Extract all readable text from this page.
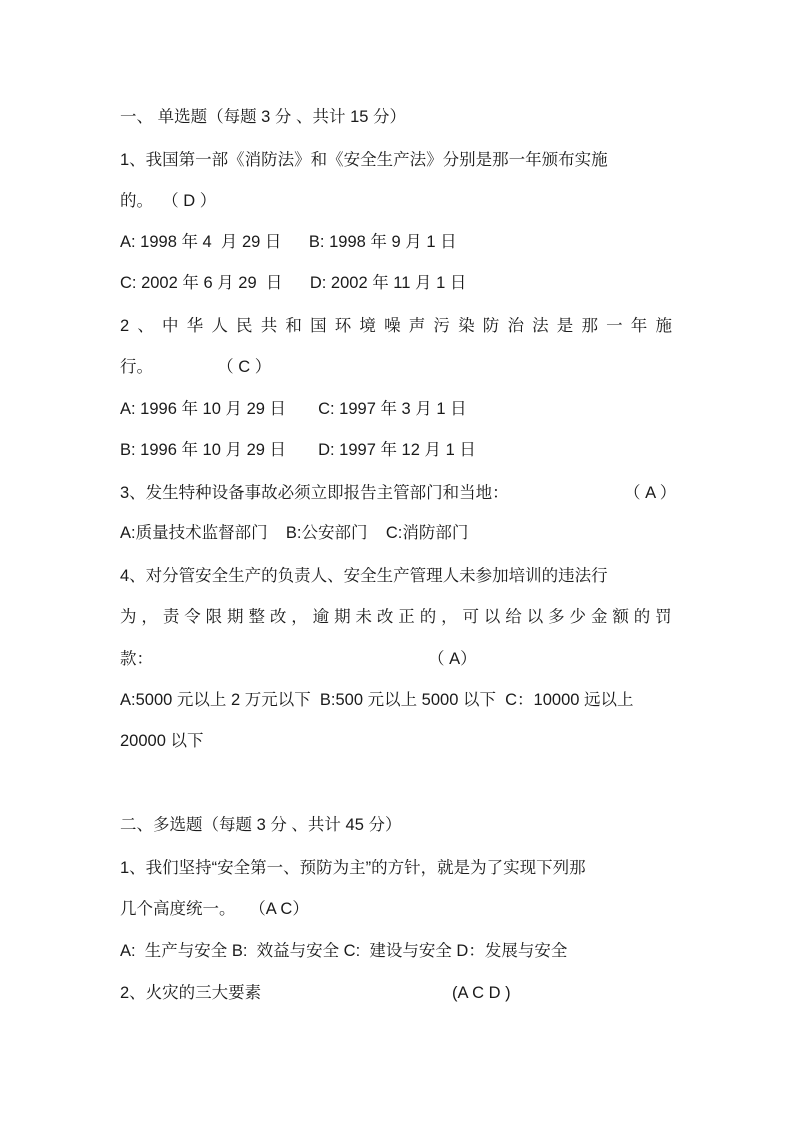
一、 单选题（每题 3 分 、共计 15 分）
1、我国第一部《消防法》和《安全生产法》分别是那一年颁布实施
的。  （ D ）
A: 1998 年 4  月 29 日      B: 1998 年 9 月 1 日
C: 2002 年 6 月 29  日      D: 2002 年 11 月 1 日
2 、 中 华 人 民 共 和 国 环 境 噪 声 污 染 防 治 法 是 那 一 年 施
行。              （ C ）
A: 1996 年 10 月 29 日       C: 1997 年 3 月 1 日
B: 1996 年 10 月 29 日       D: 1997 年 12 月 1 日
3、发生特种设备事故必须立即报告主管部门和当地：	（ A ）
A:质量技术监督部门    B:公安部门    C:消防部门
4、对分管安全生产的负责人、安全生产管理人未参加培训的违法行
为 ， 责 令 限 期 整 改 ， 逾 期 未 改 正 的 ， 可 以 给 以 多 少 金 额 的 罚
款：	（ A）
A:5000 元以上 2 万元以下  B:500 元以上 5000 以下  C：10000 远以上
20000 以下
二、多选题（每题 3 分 、共计 45 分）
1、我们坚持“安全第一、预防为主”的方针，就是为了实现下列那
几个高度统一。   （A C）
A:  生产与安全 B:  效益与安全 C:  建设与安全 D：发展与安全
2、火灾的三大要素	(A C D )
